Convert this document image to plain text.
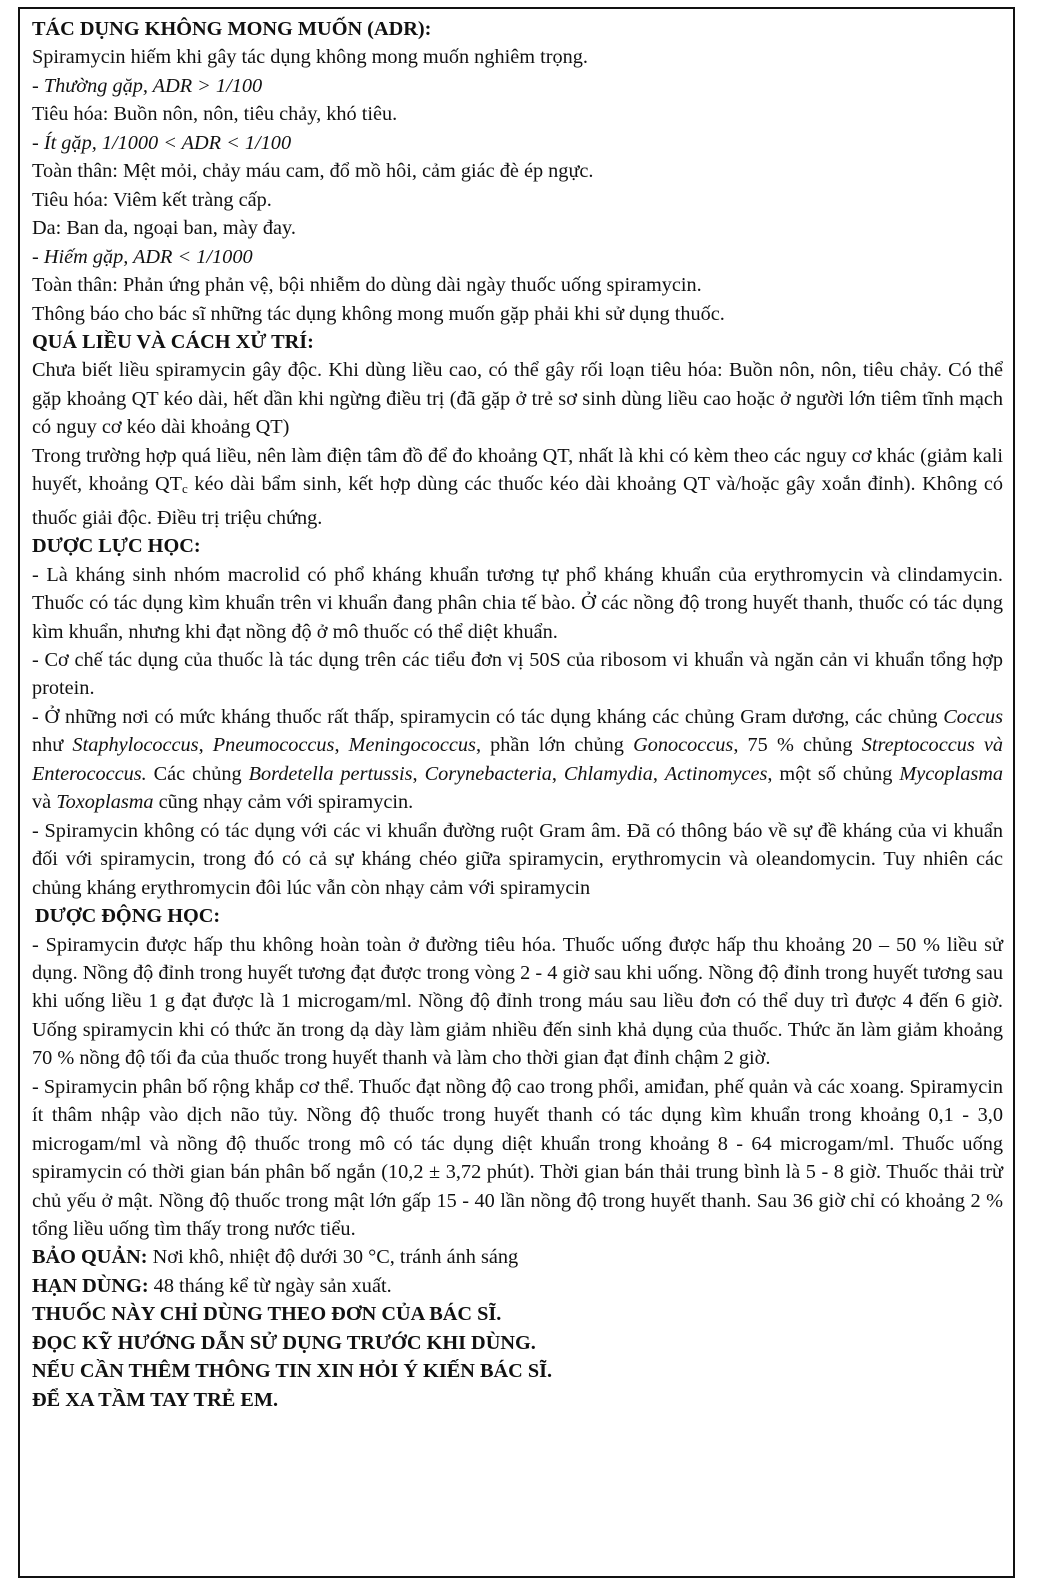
TÁC DỤNG KHÔNG MONG MUỐN (ADR):

Spiramycin hiếm khi gây tác dụng không mong muốn nghiêm trọng.

- Thường gặp, ADR > 1/100

Tiêu hóa: Buồn nôn, nôn, tiêu chảy, khó tiêu.

- Ít gặp, 1/1000 < ADR < 1/100

Toàn thân: Mệt mỏi, chảy máu cam, đổ mồ hôi, cảm giác đè ép ngực.

Tiêu hóa: Viêm kết tràng cấp.

Da: Ban da, ngoại ban, mày đay.

- Hiếm gặp, ADR < 1/1000

Toàn thân: Phản ứng phản vệ, bội nhiễm do dùng dài ngày thuốc uống spiramycin.

Thông báo cho bác sĩ những tác dụng không mong muốn gặp phải khi sử dụng thuốc.

QUÁ LIỀU VÀ CÁCH XỬ TRÍ:

Chưa biết liều spiramycin gây độc. Khi dùng liều cao, có thể gây rối loạn tiêu hóa: Buồn nôn, nôn, tiêu chảy. Có thể gặp khoảng QT kéo dài, hết dần khi ngừng điều trị (đã gặp ở trẻ sơ sinh dùng liều cao hoặc ở người lớn tiêm tĩnh mạch có nguy cơ kéo dài khoảng QT)

Trong trường hợp quá liều, nên làm điện tâm đồ để đo khoảng QT, nhất là khi có kèm theo các nguy cơ khác (giảm kali huyết, khoảng $QT_c$ kéo dài bẩm sinh, kết hợp dùng các thuốc kéo dài khoảng QT và/hoặc gây xoắn đỉnh). Không có thuốc giải độc. Điều trị triệu chứng.

DƯỢC LỰC HỌC:

- Là kháng sinh nhóm macrolid có phổ kháng khuẩn tương tự phổ kháng khuẩn của erythromycin và clindamycin. Thuốc có tác dụng kìm khuẩn trên vi khuẩn đang phân chia tế bào. Ở các nồng độ trong huyết thanh, thuốc có tác dụng kìm khuẩn, nhưng khi đạt nồng độ ở mô thuốc có thể diệt khuẩn.

- Cơ chế tác dụng của thuốc là tác dụng trên các tiểu đơn vị 50S của ribosom vi khuẩn và ngăn cản vi khuẩn tổng hợp protein.

- Ở những nơi có mức kháng thuốc rất thấp, spiramycin có tác dụng kháng các chủng Gram dương, các chủng Coccus như Staphylococcus, Pneumococcus, Meningococcus, phần lớn chủng Gonococcus, 75 % chủng Streptococcus và Enterococcus. Các chủng Bordetella pertussis, Corynebacteria, Chlamydia, Actinomyces, một số chủng Mycoplasma và Toxoplasma cũng nhạy cảm với spiramycin.

- Spiramycin không có tác dụng với các vi khuẩn đường ruột Gram âm. Đã có thông báo về sự đề kháng của vi khuẩn đối với spiramycin, trong đó có cả sự kháng chéo giữa spiramycin, erythromycin và oleandomycin. Tuy nhiên các chủng kháng erythromycin đôi lúc vẫn còn nhạy cảm với spiramycin

DƯỢC ĐỘNG HỌC:

- Spiramycin được hấp thu không hoàn toàn ở đường tiêu hóa. Thuốc uống được hấp thu khoảng 20 – 50 % liều sử dụng. Nồng độ đỉnh trong huyết tương đạt được trong vòng 2 - 4 giờ sau khi uống. Nồng độ đỉnh trong huyết tương sau khi uống liều 1 g đạt được là 1 microgam/ml. Nồng độ đỉnh trong máu sau liều đơn có thể duy trì được 4 đến 6 giờ. Uống spiramycin khi có thức ăn trong dạ dày làm giảm nhiều đến sinh khả dụng của thuốc. Thức ăn làm giảm khoảng 70 % nồng độ tối đa của thuốc trong huyết thanh và làm cho thời gian đạt đỉnh chậm 2 giờ.

- Spiramycin phân bố rộng khắp cơ thể. Thuốc đạt nồng độ cao trong phổi, amiđan, phế quản và các xoang. Spiramycin ít thâm nhập vào dịch não tủy. Nồng độ thuốc trong huyết thanh có tác dụng kìm khuẩn trong khoảng 0,1 - 3,0 microgam/ml và nồng độ thuốc trong mô có tác dụng diệt khuẩn trong khoảng 8 - 64 microgam/ml. Thuốc uống spiramycin có thời gian bán phân bố ngắn (10,2 ± 3,72 phút). Thời gian bán thải trung bình là 5 - 8 giờ. Thuốc thải trừ chủ yếu ở mật. Nồng độ thuốc trong mật lớn gấp 15 - 40 lần nồng độ trong huyết thanh. Sau 36 giờ chỉ có khoảng 2 % tổng liều uống tìm thấy trong nước tiểu.

BẢO QUẢN: Nơi khô, nhiệt độ dưới 30 °C, tránh ánh sáng

HẠN DÙNG: 48 tháng kể từ ngày sản xuất.

THUỐC NÀY CHỈ DÙNG THEO ĐƠN CỦA BÁC SĨ.

ĐỌC KỸ HƯỚNG DẪN SỬ DỤNG TRƯỚC KHI DÙNG.

NẾU CẦN THÊM THÔNG TIN XIN HỎI Ý KIẾN BÁC SĨ.

ĐỂ XA TẦM TAY TRẺ EM.
